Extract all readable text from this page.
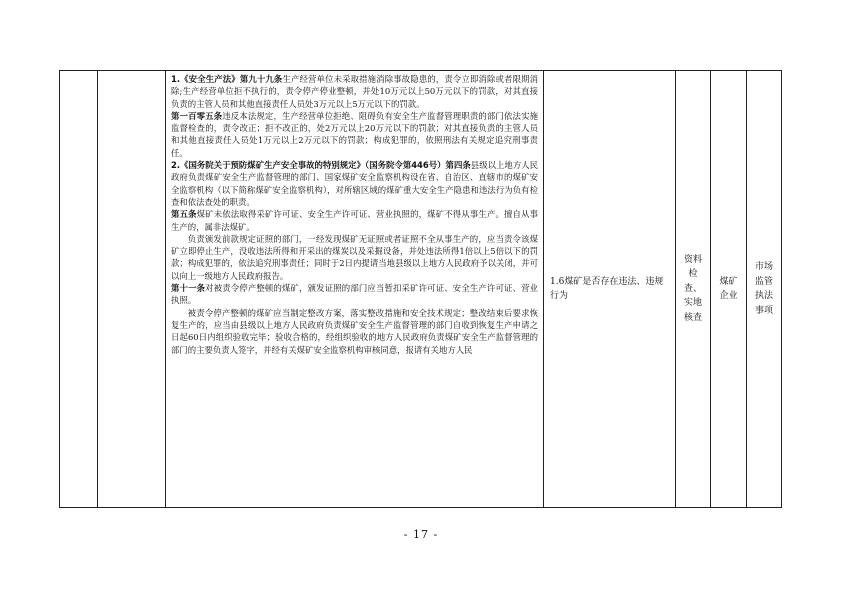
1.《安全生产法》第九十九条生产经营单位未采取措施消除事故隐患的，责令立即消除或者限期消除;生产经营单位拒不执行的，责令停产停业整顿，并处10万元以上50万元以下的罚款，对其直接负责的主管人员和其他直接责任人员处3万元以上5万元以下的罚款。

第一百零五条违反本法规定，生产经营单位拒绝、阻碍负有安全生产监督管理职责的部门依法实施监督检查的，责令改正；拒不改正的，处2万元以上20万元以下的罚款；对其直接负责的主管人员和其他直接责任人员处1万元以上2万元以下的罚款；构成犯罪的，依照刑法有关规定追究刑事责任。

2.《国务院关于预防煤矿生产安全事故的特别规定》（国务院令第446号）第四条县级以上地方人民政府负责煤矿安全生产监督管理的部门、国家煤矿安全监察机构设在省、自治区、直辖市的煤矿安全监察机构（以下简称煤矿安全监察机构），对所辖区域的煤矿重大安全生产隐患和违法行为负有检查和依法查处的职责。

第五条煤矿未依法取得采矿许可证、安全生产许可证、营业执照的，煤矿不得从事生产。擅自从事生产的，属非法煤矿。

负责颁发前款规定证照的部门，一经发现煤矿无证照或者证照不全从事生产的，应当责令该煤矿立即停止生产，没收违法所得和开采出的煤炭以及采掘设备，并处违法所得1倍以上5倍以下的罚款；构成犯罪的，依法追究刑事责任；同时于2日内提请当地县级以上地方人民政府予以关闭，并可以向上一级地方人民政府报告。

第十一条对被责令停产整顿的煤矿，颁发证照的部门应当暂扣采矿许可证、安全生产许可证、营业执照。

被责令停产整顿的煤矿应当制定整改方案，落实整改措施和安全技术规定；整改结束后要求恢复生产的，应当由县级以上地方人民政府负责煤矿安全生产监督管理的部门自收到恢复生产申请之日起60日内组织验收完毕；验收合格的，经组织验收的地方人民政府负责煤矿安全生产监督管理的部门的主要负责人签字，并经有关煤矿安全监察机构审核同意，报请有关地方人民

	1.6煤矿是否存在违法、违规行为	资料
检
查、
实地
核查	煤矿
企业	市场
监管
执法
事项
- 17 -
